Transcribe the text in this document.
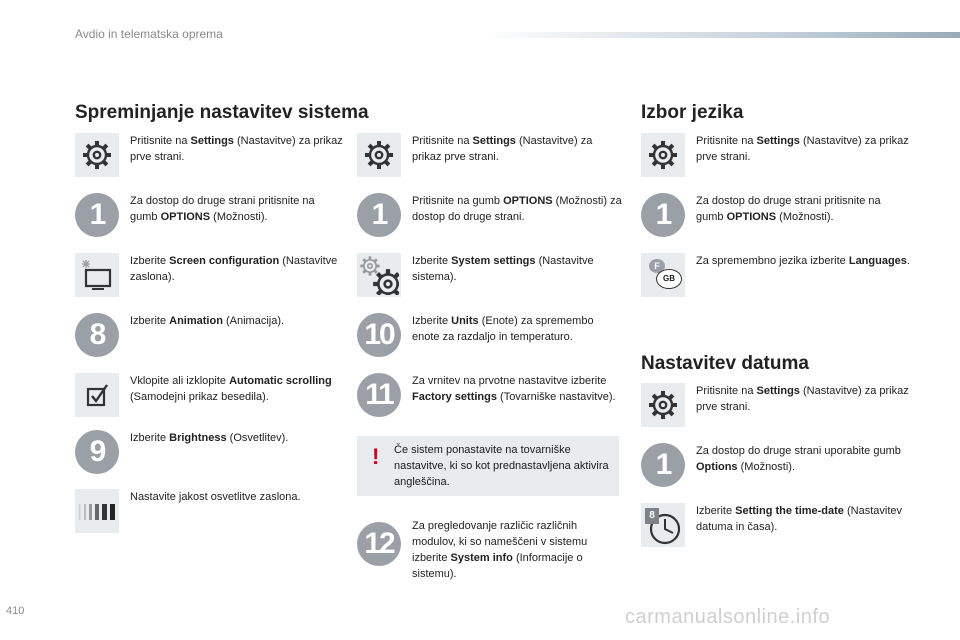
Avdio in telematska oprema
Spreminjanje nastavitev sistema
Pritisnite na Settings (Nastavitve) za prikaz prve strani.
1	Za dostop do druge strani pritisnite na gumb OPTIONS (Možnosti).
Izberite Screen configuration (Nastavitve zaslona).
8	Izberite Animation (Animacija).
Vklopite ali izklopite Automatic scrolling (Samodejni prikaz besedila).
9	Izberite Brightness (Osvetlitev).
Nastavite jakost osvetlitve zaslona.
Pritisnite na Settings (Nastavitve) za prikaz prve strani.
1	Pritisnite na gumb OPTIONS (Možnosti) za dostop do druge strani.
Izberite System settings (Nastavitve sistema).
10	Izberite Units (Enote) za spremembo enote za razdaljo in temperaturo.
11	Za vrnitev na prvotne nastavitve izberite Factory settings (Tovarniške nastavitve).
! Če sistem ponastavite na tovarniške nastavitve, ki so kot prednastavljena aktivira angleščina.
12
Za pregledovanje različic različnih modulov, ki so nameščeni v sistemu izberite System info (Informacije o sistemu).
Izbor jezika
Pritisnite na Settings (Nastavitve) za prikaz prve strani.
1	Za dostop do druge strani pritisnite na gumb OPTIONS (Možnosti).
F
GB
Za spremembno jezika izberite Languages.
Nastavitev datuma
Pritisnite na Settings (Nastavitve) za prikaz prve strani.
1	Za dostop do druge strani uporabite gumb Options (Možnosti).
8	Izberite Setting the time-date (Nastavitev datuma in časa).
410	carmanualsonline.info
